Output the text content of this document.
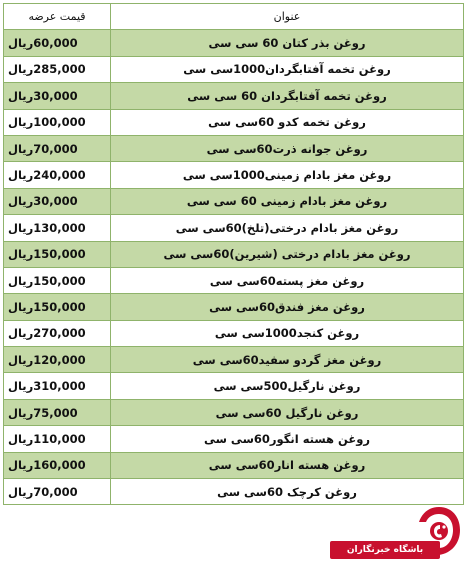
عنوان	قیمت عرضه
روغن بذر کتان 60 سی سی	60,000ریال
روغن تخمه آفتابگردان1000سی سی	285,000ریال
روغن تخمه آفتابگردان 60 سی سی	30,000ریال
روغن تخمه کدو 60سی سی	100,000ریال
روغن جوانه ذرت60سی سی	70,000ریال
روغن مغز بادام زمینی1000سی سی	240,000ریال
روغن مغز بادام زمینی 60 سی سی	30,000ریال
روغن مغز بادام درختی(تلخ)60سی سی	130,000ریال
روغن مغز بادام درختی (شیرین)60سی سی	150,000ریال
روغن مغز پسته60سی سی	150,000ریال
روغن مغز فندق60سی سی	150,000ریال
روغن کنجد1000سی سی	270,000ریال
روغن مغز گردو سفید60سی سی	120,000ریال
روغن نارگیل500سی سی	310,000ریال
روغن نارگیل 60سی سی	75,000ریال
روغن هسته انگور60سی سی	110,000ریال
روغن هسته انار60سی سی	160,000ریال
روغن کرچک 60سی سی	70,000ریال
باشگاه خبرنگاران
